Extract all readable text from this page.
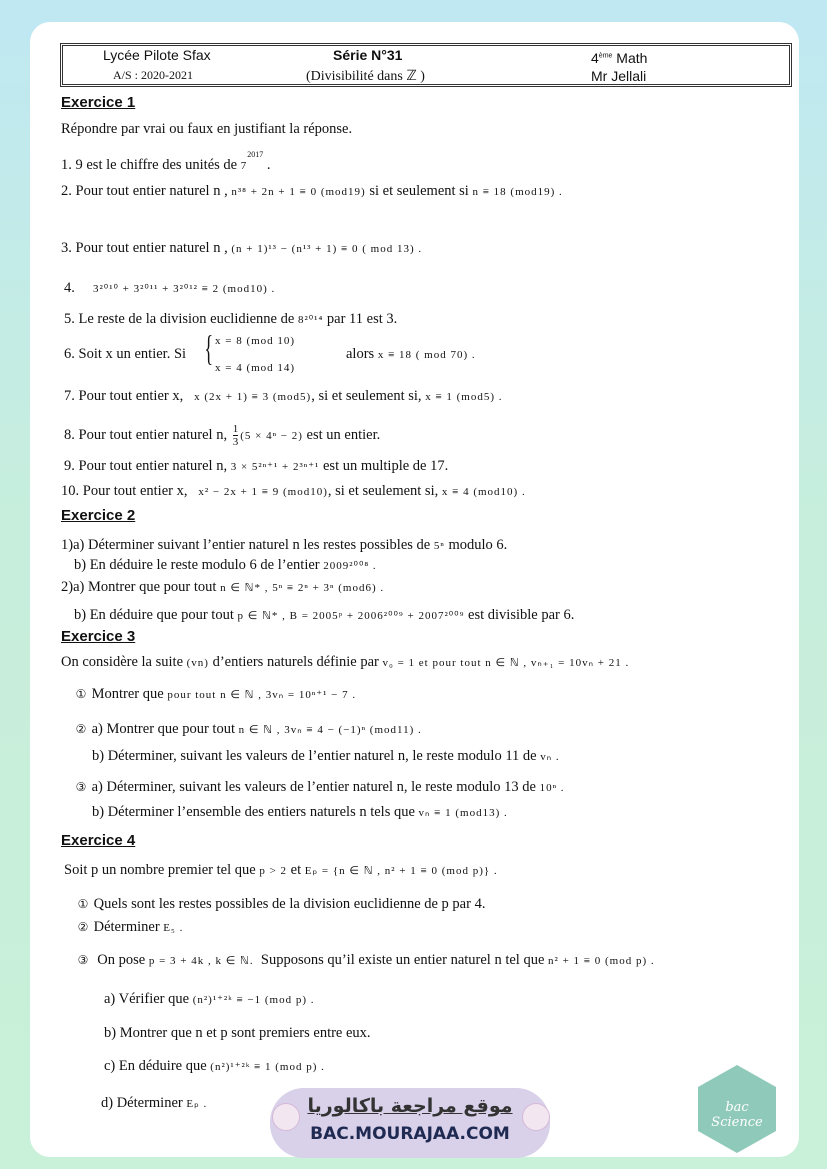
Lycée Pilote Sfax
A/S : 2020-2021
Série N°31
(Divisibilité dans ℤ )
4ème Math
Mr Jellali
Exercice 1
Répondre par vrai ou faux en justifiant la réponse.
1. 9 est le chiffre des unités de $7^{2017}$ .
2. Pour tout entier naturel n , n³⁸ + 2n + 1 ≡ 0 (mod19) si et seulement si n ≡ 18 (mod19) .
3. Pour tout entier naturel n , (n + 1)¹³ − (n¹³ + 1) ≡ 0 ( mod 13) .
4. 3²⁰¹⁰ + 3²⁰¹¹ + 3²⁰¹² ≡ 2 (mod10) .
5. Le reste de la division euclidienne de 8²⁰¹⁴ par 11 est 3.
6. Soit x un entier. Si { x = 8 (mod 10)
x = 4 (mod 14)
alors x ≡ 18 ( mod 70) .
7. Pour tout entier x, x (2x + 1) ≡ 3 (mod5), si et seulement si, x ≡ 1 (mod5) .
8. Pour tout entier naturel n, $\frac{1}{3} (5 \times 4^n - 2)$ est un entier.
9. Pour tout entier naturel n, 3 × 5²ⁿ⁺¹ + 2³ⁿ⁺¹ est un multiple de 17.
10. Pour tout entier x, x² − 2x + 1 ≡ 9 (mod10), si et seulement si, x ≡ 4 (mod10) .
Exercice 2
1)a) Déterminer suivant l’entier naturel n les restes possibles de 5ⁿ modulo 6.
b) En déduire le reste modulo 6 de l’entier 2009²⁰⁰⁸ .
2)a) Montrer que pour tout n ∈ ℕ* , 5ⁿ ≡ 2ⁿ + 3ⁿ (mod6) .
b) En déduire que pour tout p ∈ ℕ* , B = 2005ᵖ + 2006²⁰⁰⁹ + 2007²⁰⁰⁹ est divisible par 6.
Exercice 3
On considère la suite (vn) d’entiers naturels définie par v₀ = 1 et pour tout n ∈ ℕ , vₙ₊₁ = 10vₙ + 21 .
① Montrer que pour tout n ∈ ℕ , 3vₙ = 10ⁿ⁺¹ − 7 .
② a) Montrer que pour tout n ∈ ℕ , 3vₙ ≡ 4 − (−1)ⁿ (mod11) .
b) Déterminer, suivant les valeurs de l’entier naturel n, le reste modulo 11 de vₙ .
③ a) Déterminer, suivant les valeurs de l’entier naturel n, le reste modulo 13 de 10ⁿ .
b) Déterminer l’ensemble des entiers naturels n tels que vₙ ≡ 1 (mod13) .
Exercice 4
Soit p un nombre premier tel que p > 2 et Eₚ = {n ∈ ℕ , n² + 1 ≡ 0 (mod p)} .
① Quels sont les restes possibles de la division euclidienne de p par 4.
② Déterminer E₅ .
③  On pose p = 3 + 4k , k ∈ ℕ.  Supposons qu’il existe un entier naturel n tel que n² + 1 ≡ 0 (mod p) .
a) Vérifier que (n²)¹⁺²ᵏ ≡ −1 (mod p) .
b) Montrer que n et p sont premiers entre eux.
c) En déduire que (n²)¹⁺²ᵏ ≡ 1 (mod p) .
d) Déterminer Eₚ .	موقع مراجعة باكالوريا
BAC.MOURAJAA.COM
bac Science
